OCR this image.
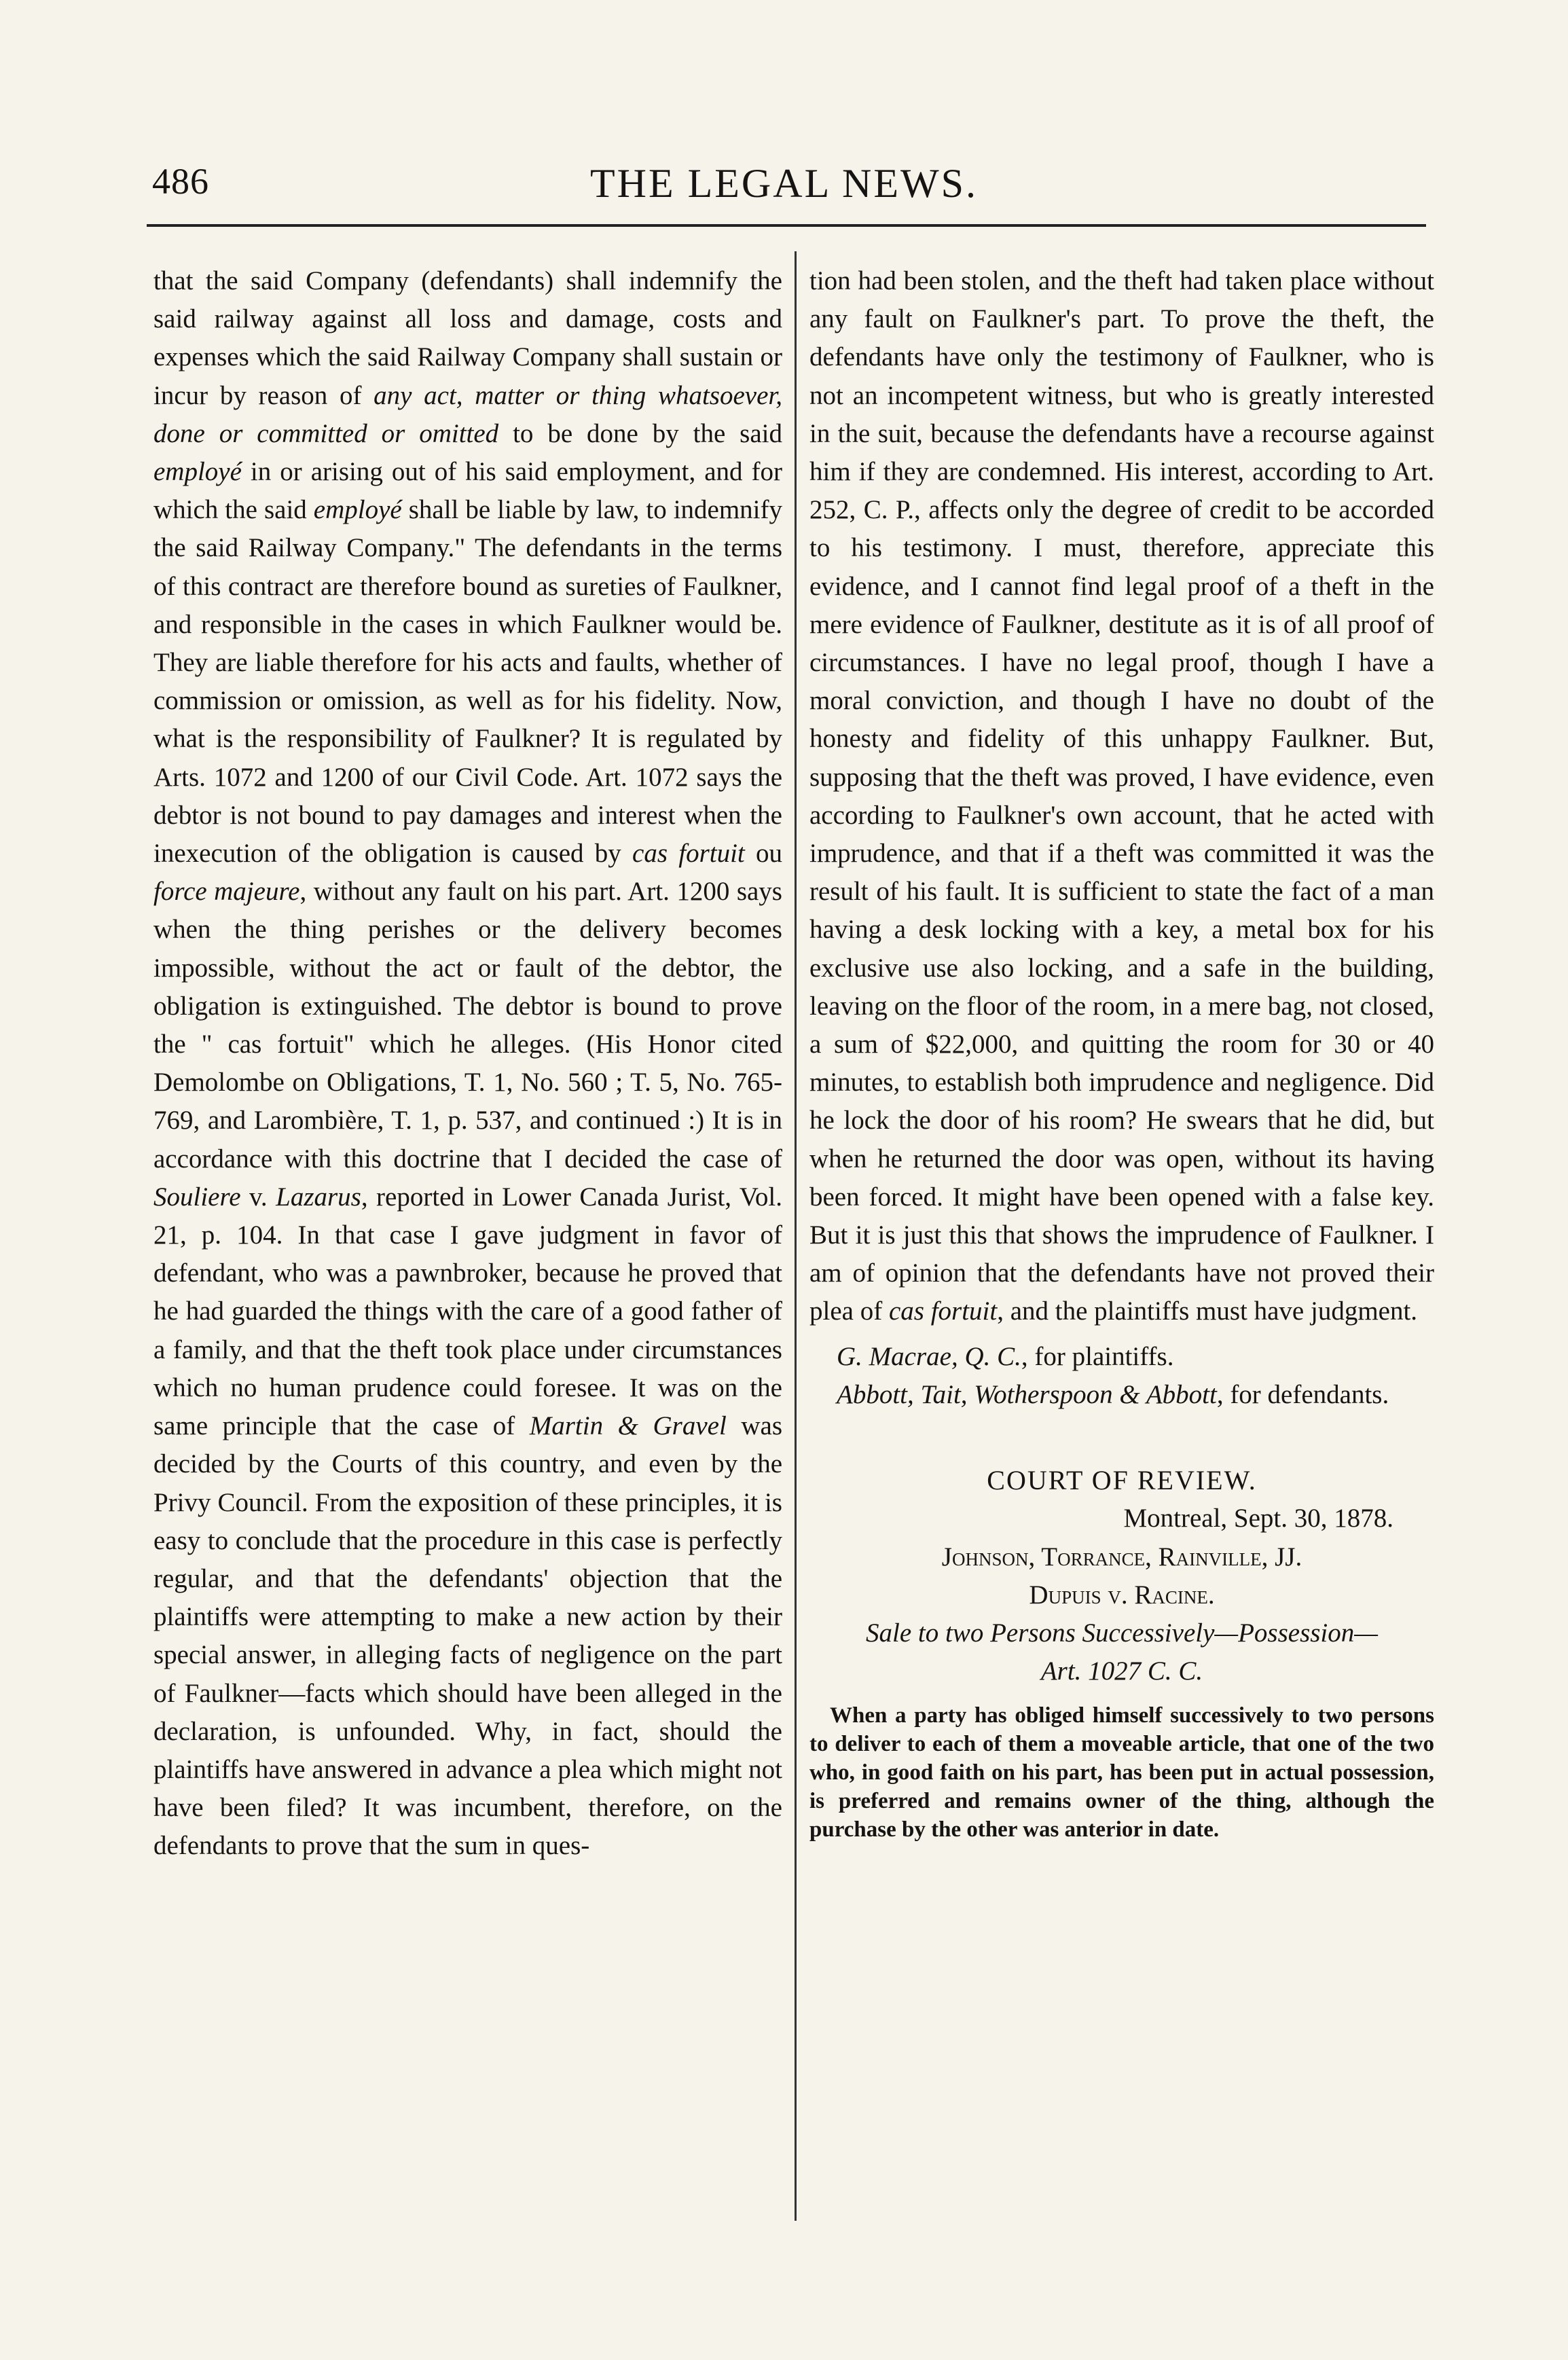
486	THE LEGAL NEWS.

that the said Company (defendants) shall indemnify the said railway against all loss and damage, costs and expenses which the said Railway Company shall sustain or incur by reason of any act, matter or thing whatsoever, done or committed or omitted to be done by the said employé in or arising out of his said employment, and for which the said employé shall be liable by law, to indemnify the said Railway Company." The defendants in the terms of this contract are therefore bound as sureties of Faulkner, and responsible in the cases in which Faulkner would be. They are liable therefore for his acts and faults, whether of commission or omission, as well as for his fidelity. Now, what is the responsibility of Faulkner? It is regulated by Arts. 1072 and 1200 of our Civil Code. Art. 1072 says the debtor is not bound to pay damages and interest when the inexecution of the obligation is caused by cas fortuit ou force majeure, without any fault on his part. Art. 1200 says when the thing perishes or the delivery becomes impossible, without the act or fault of the debtor, the obligation is extinguished. The debtor is bound to prove the " cas fortuit" which he alleges. (His Honor cited Demolombe on Obligations, T. 1, No. 560 ; T. 5, No. 765-769, and Larombière, T. 1, p. 537, and continued :) It is in accordance with this doctrine that I decided the case of Souliere v. Lazarus, reported in Lower Canada Jurist, Vol. 21, p. 104. In that case I gave judgment in favor of defendant, who was a pawnbroker, because he proved that he had guarded the things with the care of a good father of a family, and that the theft took place under circumstances which no human prudence could foresee. It was on the same principle that the case of Martin & Gravel was decided by the Courts of this country, and even by the Privy Council. From the exposition of these principles, it is easy to conclude that the procedure in this case is perfectly regular, and that the defendants' objection that the plaintiffs were attempting to make a new action by their special answer, in alleging facts of negligence on the part of Faulkner—facts which should have been alleged in the declaration, is unfounded. Why, in fact, should the plaintiffs have answered in advance a plea which might not have been filed? It was incumbent, therefore, on the defendants to prove that the sum in ques-

tion had been stolen, and the theft had taken place without any fault on Faulkner's part. To prove the theft, the defendants have only the testimony of Faulkner, who is not an incompetent witness, but who is greatly interested in the suit, because the defendants have a recourse against him if they are condemned. His interest, according to Art. 252, C. P., affects only the degree of credit to be accorded to his testimony. I must, therefore, appreciate this evidence, and I cannot find legal proof of a theft in the mere evidence of Faulkner, destitute as it is of all proof of circumstances. I have no legal proof, though I have a moral conviction, and though I have no doubt of the honesty and fidelity of this unhappy Faulkner. But, supposing that the theft was proved, I have evidence, even according to Faulkner's own account, that he acted with imprudence, and that if a theft was committed it was the result of his fault. It is sufficient to state the fact of a man having a desk locking with a key, a metal box for his exclusive use also locking, and a safe in the building, leaving on the floor of the room, in a mere bag, not closed, a sum of $22,000, and quitting the room for 30 or 40 minutes, to establish both imprudence and negligence. Did he lock the door of his room? He swears that he did, but when he returned the door was open, without its having been forced. It might have been opened with a false key. But it is just this that shows the imprudence of Faulkner. I am of opinion that the defendants have not proved their plea of cas fortuit, and the plaintiffs must have judgment.

G. Macrae, Q. C., for plaintiffs.

Abbott, Tait, Wotherspoon & Abbott, for defendants.

COURT OF REVIEW.

Montreal, Sept. 30, 1878.

Johnson, Torrance, Rainville, JJ.

Dupuis v. Racine.

Sale to two Persons Successively—Possession—
Art. 1027 C. C.

When a party has obliged himself successively to two persons to deliver to each of them a moveable article, that one of the two who, in good faith on his part, has been put in actual possession, is preferred and remains owner of the thing, although the purchase by the other was anterior in date.
